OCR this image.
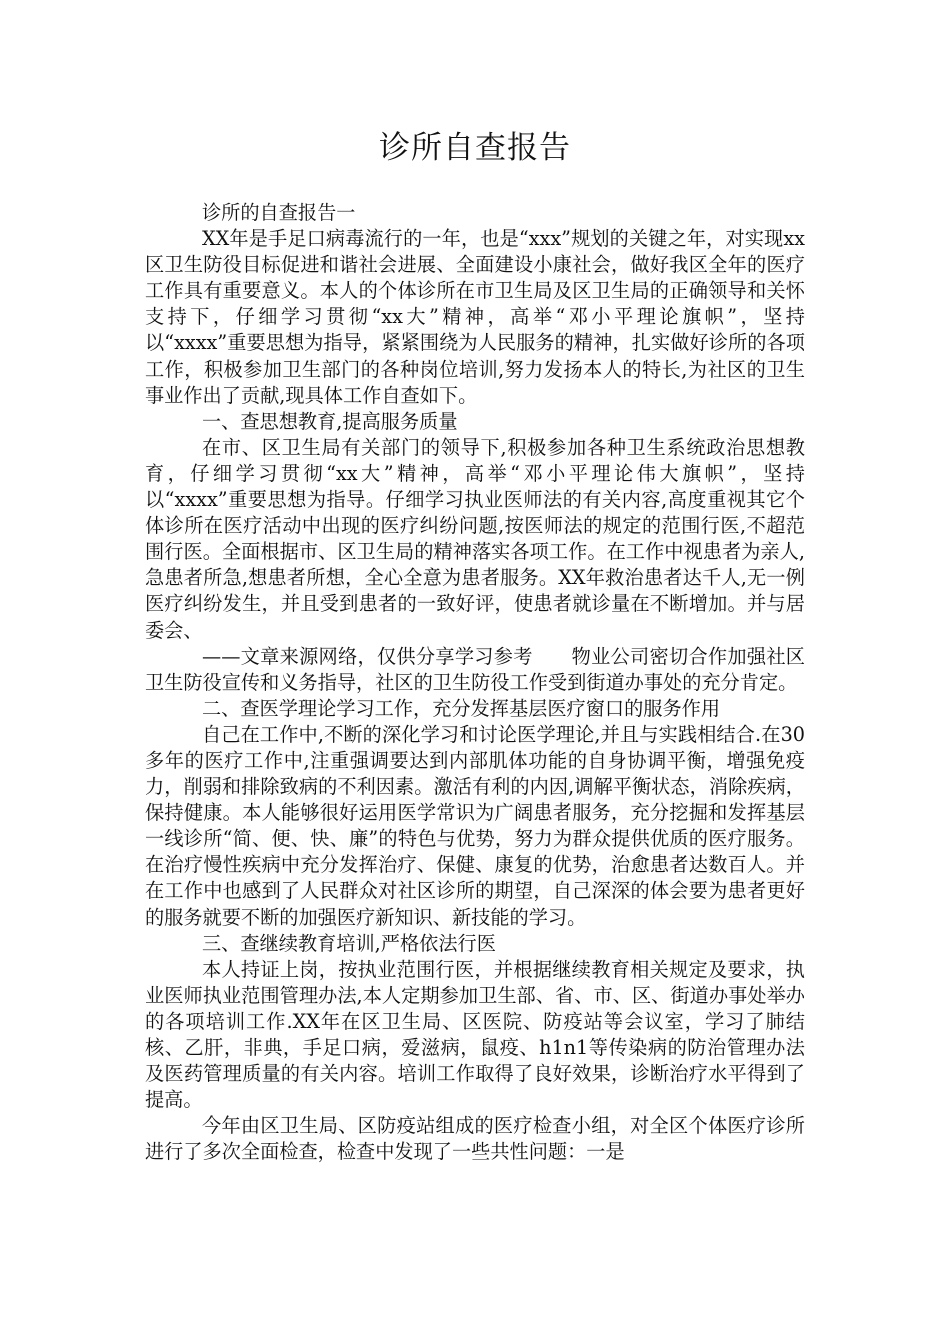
诊所自查报告

诊所的自查报告一

XX年是手足口病毒流行的一年，也是“xxx”规划的关键之年，对实现xx区卫生防役目标促进和谐社会进展、全面建设小康社会，做好我区全年的医疗工作具有重要意义。本人的个体诊所在市卫生局及区卫生局的正确领导和关怀支持下，仔细学习贯彻“xx大”精神，高举“邓小平理论旗帜”，坚持以“xxxx”重要思想为指导，紧紧围绕为人民服务的精神，扎实做好诊所的各项工作，积极参加卫生部门的各种岗位培训,努力发扬本人的特长,为社区的卫生事业作出了贡献,现具体工作自查如下。

一、查思想教育,提高服务质量

在市、区卫生局有关部门的领导下,积极参加各种卫生系统政治思想教育，仔细学习贯彻“xx大”精神，高举“邓小平理论伟大旗帜”，坚持以“xxxx”重要思想为指导。仔细学习执业医师法的有关内容,高度重视其它个体诊所在医疗活动中出现的医疗纠纷问题,按医师法的规定的范围行医,不超范围行医。全面根据市、区卫生局的精神落实各项工作。在工作中视患者为亲人,急患者所急,想患者所想，全心全意为患者服务。XX年救治患者达千人,无一例医疗纠纷发生，并且受到患者的一致好评，使患者就诊量在不断增加。并与居委会、

——文章来源网络，仅供分享学习参考　　物业公司密切合作加强社区卫生防役宣传和义务指导，社区的卫生防役工作受到街道办事处的充分肯定。

二、查医学理论学习工作，充分发挥基层医疗窗口的服务作用

自己在工作中,不断的深化学习和讨论医学理论,并且与实践相结合.在30多年的医疗工作中,注重强调要达到内部肌体功能的自身协调平衡，增强免疫力，削弱和排除致病的不利因素。激活有利的内因,调解平衡状态，消除疾病，保持健康。本人能够很好运用医学常识为广阔患者服务，充分挖掘和发挥基层一线诊所“简、便、快、廉”的特色与优势，努力为群众提供优质的医疗服务。在治疗慢性疾病中充分发挥治疗、保健、康复的优势，治愈患者达数百人。并在工作中也感到了人民群众对社区诊所的期望，自己深深的体会要为患者更好的服务就要不断的加强医疗新知识、新技能的学习。

三、查继续教育培训,严格依法行医

本人持证上岗，按执业范围行医，并根据继续教育相关规定及要求，执业医师执业范围管理办法,本人定期参加卫生部、省、市、区、街道办事处举办的各项培训工作.XX年在区卫生局、区医院、防疫站等会议室，学习了肺结核、乙肝，非典，手足口病，爱滋病，鼠疫、h1n1等传染病的防治管理办法及医药管理质量的有关内容。培训工作取得了良好效果，诊断治疗水平得到了提高。

今年由区卫生局、区防疫站组成的医疗检查小组，对全区个体医疗诊所进行了多次全面检查，检查中发现了一些共性问题：一是
